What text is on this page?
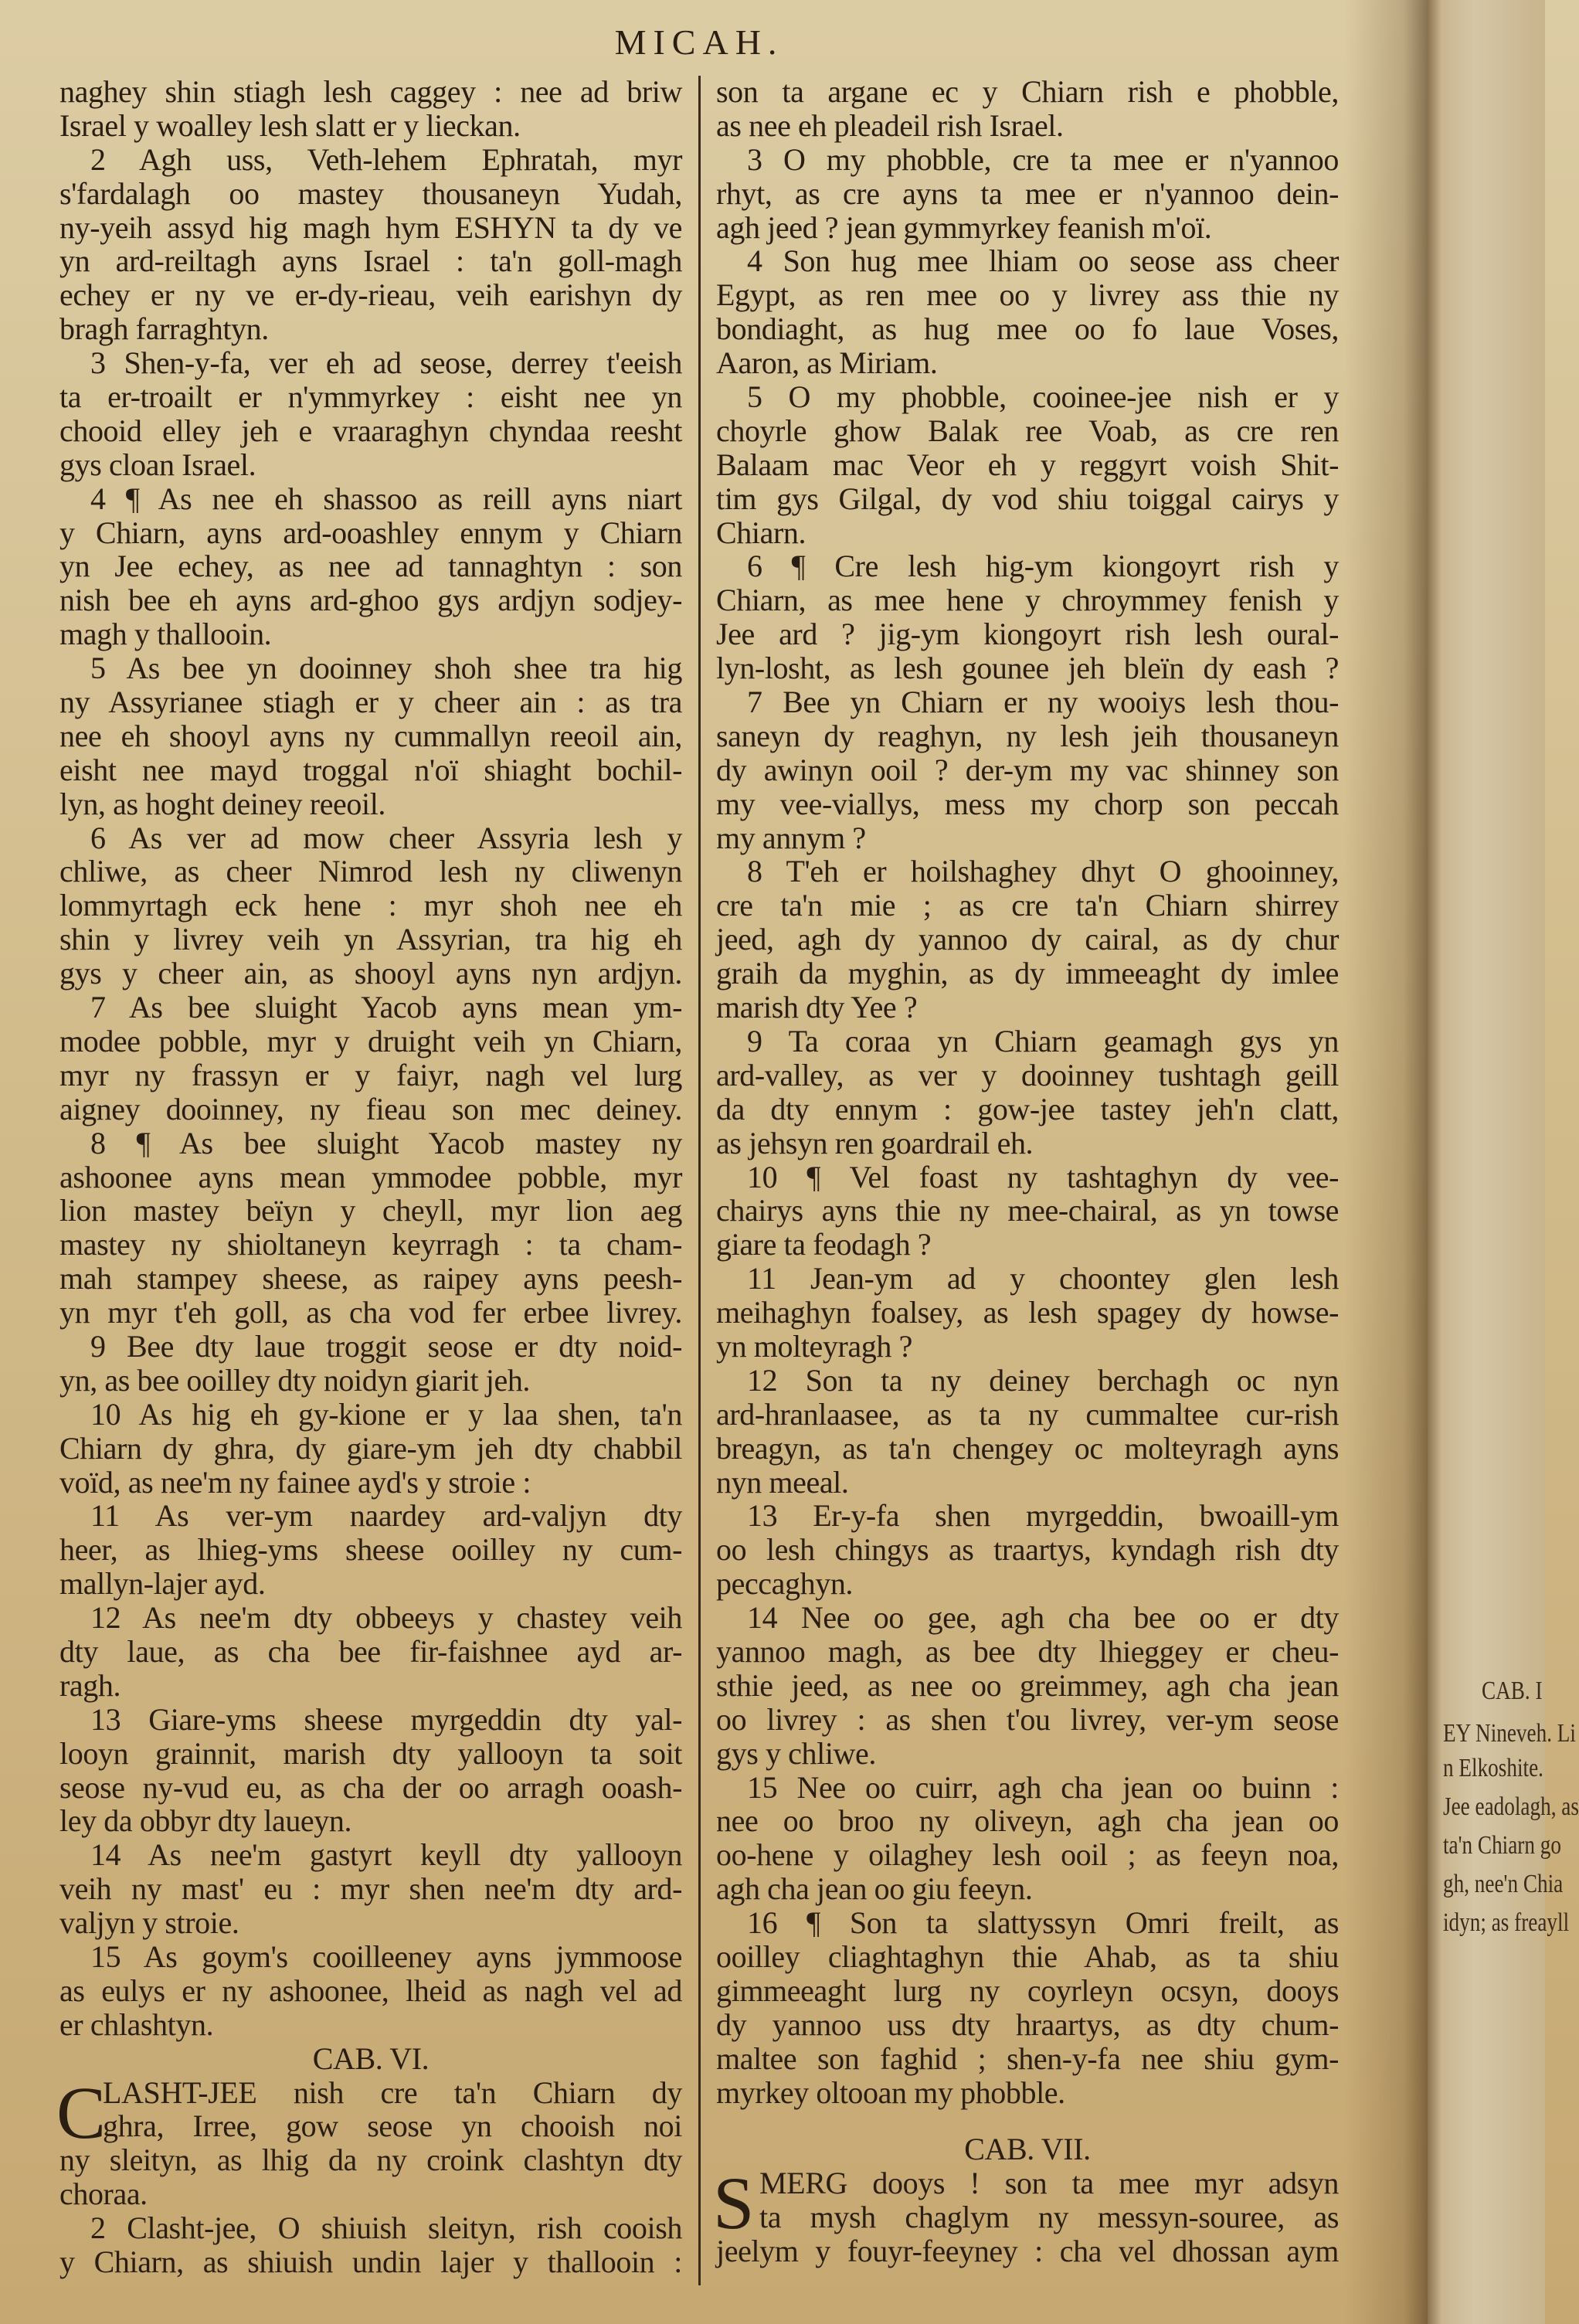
CAB. I
EY Nineveh. Li
n Elkoshite.
Jee eadolagh, as
ta'n Chiarn go
gh, nee'n Chia
idyn; as freayll
MICAH.
naghey shin stiagh lesh caggey : nee ad briw
Israel y woalley lesh slatt er y lieckan.
2 Agh uss, Veth-lehem Ephratah, myr
s'fardalagh oo mastey thousaneyn Yudah,
ny-yeih assyd hig magh hym ESHYN ta dy ve
yn ard-reiltagh ayns Israel : ta'n goll-magh
echey er ny ve er-dy-rieau, veih earishyn dy
bragh farraghtyn.
3 Shen-y-fa, ver eh ad seose, derrey t'eeish
ta er-troailt er n'ymmyrkey : eisht nee yn
chooid elley jeh e vraaraghyn chyndaa reesht
gys cloan Israel.
4 ¶ As nee eh shassoo as reill ayns niart
y Chiarn, ayns ard-ooashley ennym y Chiarn
yn Jee echey, as nee ad tannaghtyn : son
nish bee eh ayns ard-ghoo gys ardjyn sodjey-
magh y thallooin.
5 As bee yn dooinney shoh shee tra hig
ny Assyrianee stiagh er y cheer ain : as tra
nee eh shooyl ayns ny cummallyn reeoil ain,
eisht nee mayd troggal n'oï shiaght bochil-
lyn, as hoght deiney reeoil.
6 As ver ad mow cheer Assyria lesh y
chliwe, as cheer Nimrod lesh ny cliwenyn
lommyrtagh eck hene : myr shoh nee eh
shin y livrey veih yn Assyrian, tra hig eh
gys y cheer ain, as shooyl ayns nyn ardjyn.
7 As bee sluight Yacob ayns mean ym-
modee pobble, myr y druight veih yn Chiarn,
myr ny frassyn er y faiyr, nagh vel lurg
aigney dooinney, ny fieau son mec deiney.
8 ¶ As bee sluight Yacob mastey ny
ashoonee ayns mean ymmodee pobble, myr
lion mastey beïyn y cheyll, myr lion aeg
mastey ny shioltaneyn keyrragh : ta cham-
mah stampey sheese, as raipey ayns peesh-
yn myr t'eh goll, as cha vod fer erbee livrey.
9 Bee dty laue troggit seose er dty noid-
yn, as bee ooilley dty noidyn giarit jeh.
10 As hig eh gy-kione er y laa shen, ta'n
Chiarn dy ghra, dy giare-ym jeh dty chabbil
voïd, as nee'm ny fainee ayd's y stroie :
11 As ver-ym naardey ard-valjyn dty
heer, as lhieg-yms sheese ooilley ny cum-
mallyn-lajer ayd.
12 As nee'm dty obbeeys y chastey veih
dty laue, as cha bee fir-faishnee ayd ar-
ragh.
13 Giare-yms sheese myrgeddin dty yal-
looyn grainnit, marish dty yallooyn ta soit
seose ny-vud eu, as cha der oo arragh ooash-
ley da obbyr dty laueyn.
14 As nee'm gastyrt keyll dty yallooyn
veih ny mast' eu : myr shen nee'm dty ard-
valjyn y stroie.
15 As goym's cooilleeney ayns jymmoose
as eulys er ny ashoonee, lheid as nagh vel ad
er chlashtyn.
CAB. VI.
C
LASHT-JEE nish cre ta'n Chiarn dy
ghra, Irree, gow seose yn chooish noi
ny sleityn, as lhig da ny croink clashtyn dty
choraa.
2 Clasht-jee, O shiuish sleityn, rish cooish
y Chiarn, as shiuish undin lajer y thallooin :
son ta argane ec y Chiarn rish e phobble,
as nee eh pleadeil rish Israel.
3 O my phobble, cre ta mee er n'yannoo
rhyt, as cre ayns ta mee er n'yannoo dein-
agh jeed ? jean gymmyrkey feanish m'oï.
4 Son hug mee lhiam oo seose ass cheer
Egypt, as ren mee oo y livrey ass thie ny
bondiaght, as hug mee oo fo laue Voses,
Aaron, as Miriam.
5 O my phobble, cooinee-jee nish er y
choyrle ghow Balak ree Voab, as cre ren
Balaam mac Veor eh y reggyrt voish Shit-
tim gys Gilgal, dy vod shiu toiggal cairys y
Chiarn.
6 ¶ Cre lesh hig-ym kiongoyrt rish y
Chiarn, as mee hene y chroymmey fenish y
Jee ard ? jig-ym kiongoyrt rish lesh oural-
lyn-losht, as lesh gounee jeh bleïn dy eash ?
7 Bee yn Chiarn er ny wooiys lesh thou-
saneyn dy reaghyn, ny lesh jeih thousaneyn
dy awinyn ooil ? der-ym my vac shinney son
my vee-viallys, mess my chorp son peccah
my annym ?
8 T'eh er hoilshaghey dhyt O ghooinney,
cre ta'n mie ; as cre ta'n Chiarn shirrey
jeed, agh dy yannoo dy cairal, as dy chur
graih da myghin, as dy immeeaght dy imlee
marish dty Yee ?
9 Ta coraa yn Chiarn geamagh gys yn
ard-valley, as ver y dooinney tushtagh geill
da dty ennym : gow-jee tastey jeh'n clatt,
as jehsyn ren goardrail eh.
10 ¶ Vel foast ny tashtaghyn dy vee-
chairys ayns thie ny mee-chairal, as yn towse
giare ta feodagh ?
11 Jean-ym ad y choontey glen lesh
meihaghyn foalsey, as lesh spagey dy howse-
yn molteyragh ?
12 Son ta ny deiney berchagh oc nyn
ard-hranlaasee, as ta ny cummaltee cur-rish
breagyn, as ta'n chengey oc molteyragh ayns
nyn meeal.
13 Er-y-fa shen myrgeddin, bwoaill-ym
oo lesh chingys as traartys, kyndagh rish dty
peccaghyn.
14 Nee oo gee, agh cha bee oo er dty
yannoo magh, as bee dty lhieggey er cheu-
sthie jeed, as nee oo greimmey, agh cha jean
oo livrey : as shen t'ou livrey, ver-ym seose
gys y chliwe.
15 Nee oo cuirr, agh cha jean oo buinn :
nee oo broo ny oliveyn, agh cha jean oo
oo-hene y oilaghey lesh ooil ; as feeyn noa,
agh cha jean oo giu feeyn.
16 ¶ Son ta slattyssyn Omri freilt, as
ooilley cliaghtaghyn thie Ahab, as ta shiu
gimmeeaght lurg ny coyrleyn ocsyn, dooys
dy yannoo uss dty hraartys, as dty chum-
maltee son faghid ; shen-y-fa nee shiu gym-
myrkey oltooan my phobble.
CAB. VII.
S MERG dooys ! son ta mee myr adsyn
ta mysh chaglym ny messyn-souree, as
jeelym y fouyr-feeyney : cha vel dhossan aym
